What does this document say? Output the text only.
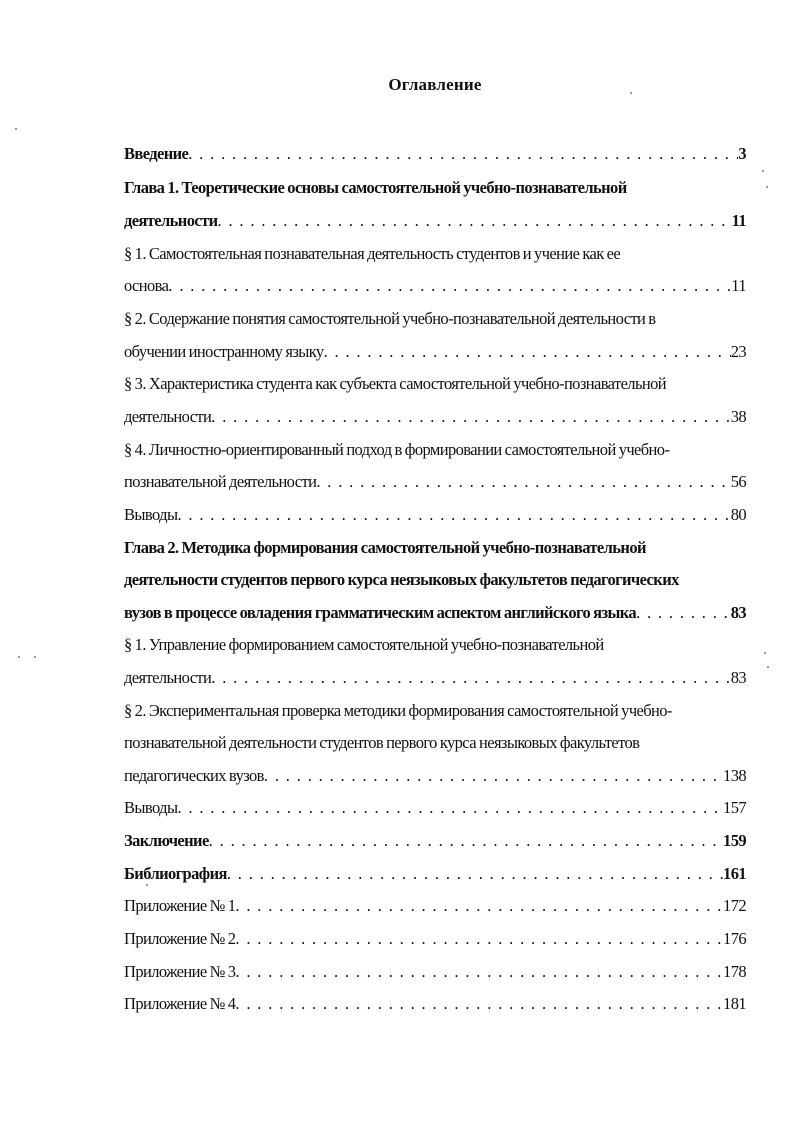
Оглавление
Введение . . .	3
Глава 1. Теоретические основы самостоятельной учебно-познавательной
деятельности . . .	11
§ 1. Самостоятельная познавательная деятельность студентов и учение как ее
основа . . .	11
§ 2. Содержание понятия самостоятельной учебно-познавательной деятельности в
обучении иностранному языку . . .	23
§ 3. Характеристика студента как субъекта самостоятельной учебно-познавательной
деятельности . . .	38
§ 4. Личностно-ориентированный подход в формировании самостоятельной учебно-
познавательной деятельности . . .	56
Выводы . . .	80
Глава 2. Методика формирования самостоятельной учебно-познавательной
деятельности студентов первого курса неязыковых факультетов педагогических
вузов в процессе овладения грамматическим аспектом английского языка . . .	83
§ 1. Управление формированием самостоятельной учебно-познавательной
деятельности . . .	83
§ 2. Экспериментальная проверка методики формирования самостоятельной учебно-
познавательной деятельности студентов первого курса неязыковых факультетов
педагогических вузов . . .	138
Выводы . . .	157
Заключение . . .	159
Библиография . . .	161
Приложение № 1 . . .	172
Приложение № 2 . . .	176
Приложение № 3 . . .	178
Приложение № 4 . . .	181
